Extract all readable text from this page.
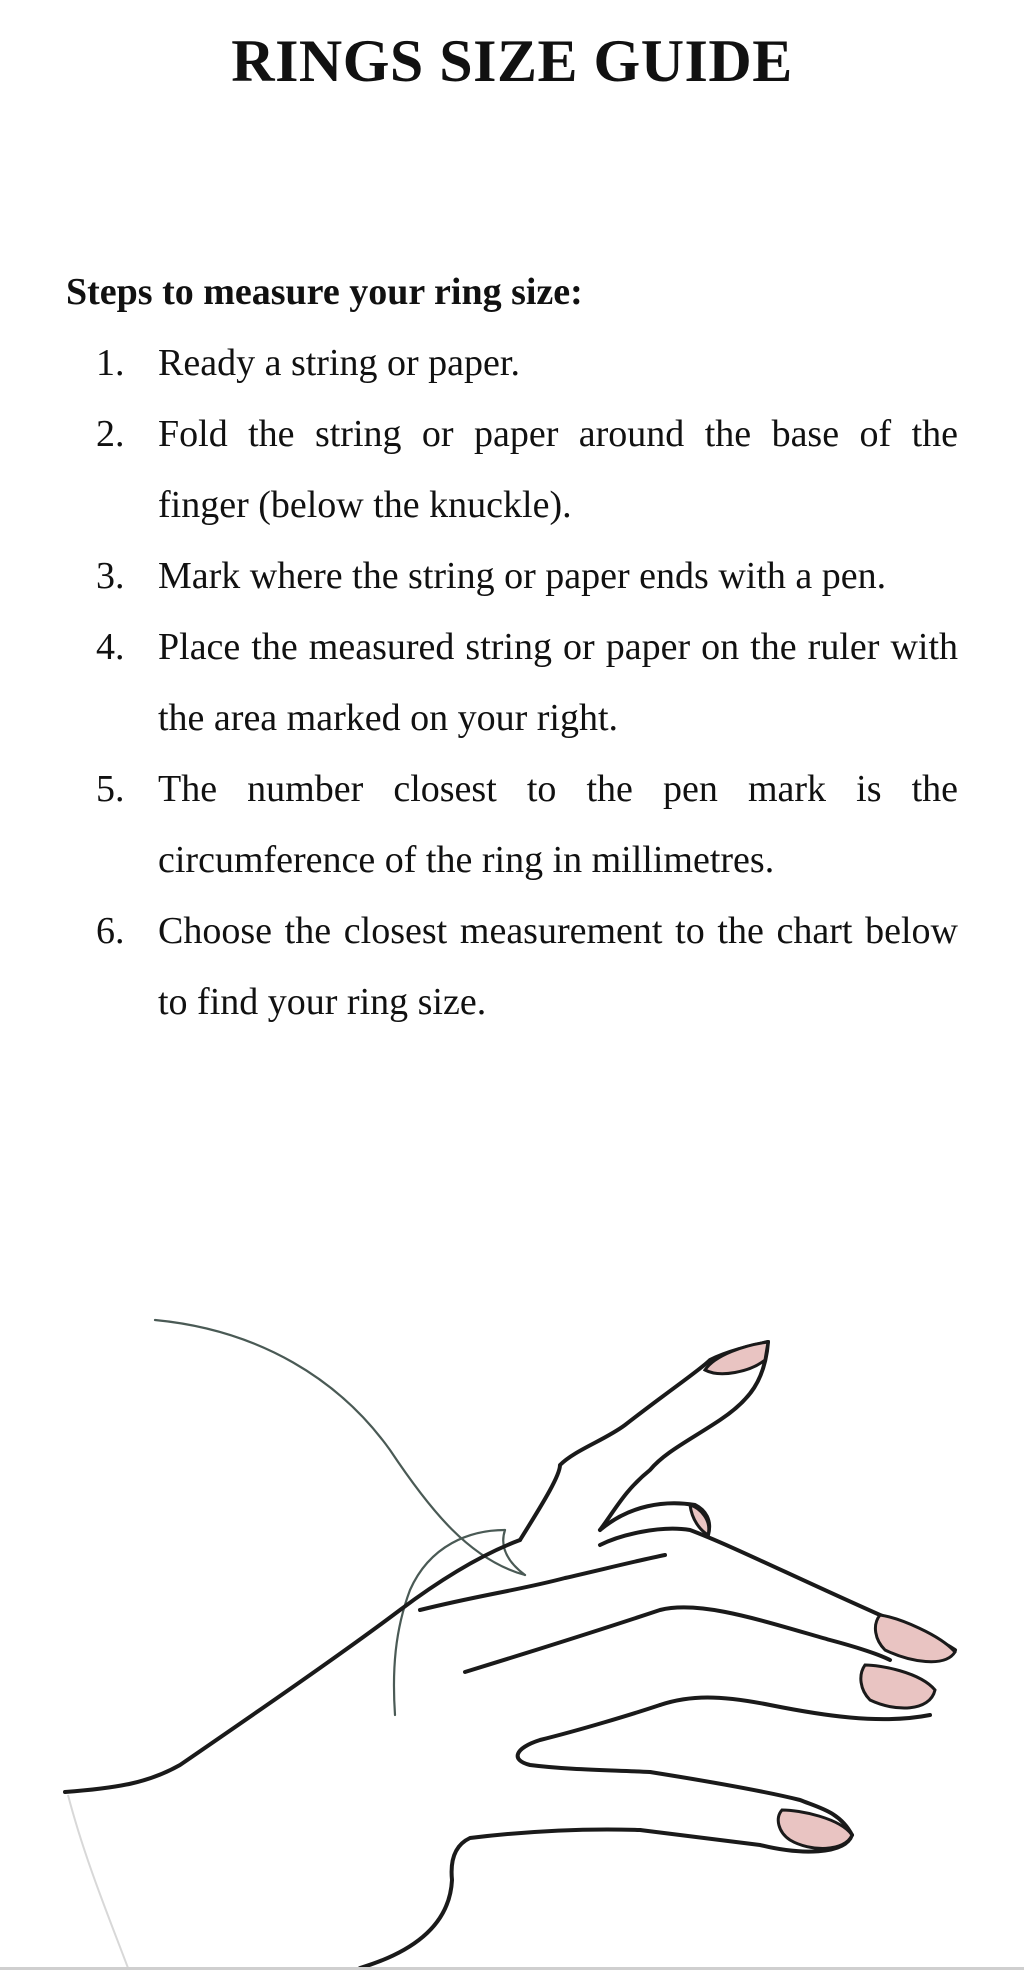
RINGS SIZE GUIDE
Steps to measure your ring size:
1. Ready a string or paper.
2. Fold the string or paper around the base of the finger (below the knuckle).
3. Mark where the string or paper ends with a pen.
4. Place the measured string or paper on the ruler with the area marked on your right.
5. The number closest to the pen mark is the circumference of the ring in millimetres.
6. Choose the closest measurement to the chart below to find your ring size.
